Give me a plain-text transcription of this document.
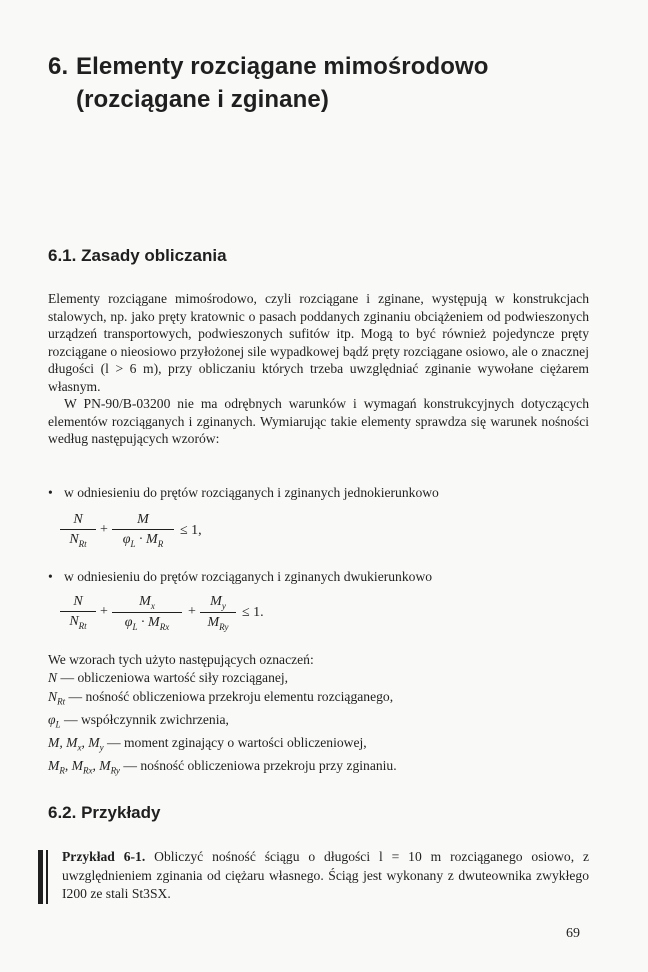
6. Elementy rozciągane mimośrodowo
(rozciągane i zginane)
6.1. Zasady obliczania

Elementy rozciągane mimośrodowo, czyli rozciągane i zginane, występują w konstrukcjach stalowych, np. jako pręty kratownic o pasach poddanych zginaniu obciążeniem od podwieszonych urządzeń transportowych, podwieszonych sufitów itp. Mogą to być również pojedyncze pręty rozciągane o nieosiowo przyłożonej sile wypadkowej bądź pręty rozciągane osiowo, ale o znacznej długości (l > 6 m), przy obliczaniu których trzeba uwzględniać zginanie wywołane ciężarem własnym.

W PN-90/B-03200 nie ma odrębnych warunków i wymagań konstrukcyjnych dotyczących elementów rozciąganych i zginanych. Wymiarując takie elementy sprawdza się warunek nośności według następujących wzorów:

• w odniesieniu do prętów rozciąganych i zginanych jednokierunkowo
N
$N_{Rt}$
+ $\frac{M}{\varphi_L \cdot M_R} \le 1$,
• w odniesieniu do prętów rozciąganych i zginanych dwukierunkowo
N
$N_{Rt}$
+
$M_x$
$\varphi_L \cdot M_{Rx}$
+
$M_y$
$M_{Ry}$
≤ 1.
We wzorach tych użyto następujących oznaczeń:
N — obliczeniowa wartość siły rozciąganej,
$N_{Rt}$ — nośność obliczeniowa przekroju elementu rozciąganego,
$\varphi_L$ — współczynnik zwichrzenia,
M, $M_x$, $M_y$ — moment zginający o wartości obliczeniowej,
$M_R$, $M_{Rx}$, $M_{Ry}$ — nośność obliczeniowa przekroju przy zginaniu.
6.2. Przykłady
Przykład 6-1. Obliczyć nośność ściągu o długości l = 10 m rozciąganego osiowo, z uwzględnieniem zginania od ciężaru własnego. Ściąg jest wykonany z dwuteownika zwykłego I200 ze stali St3SX.
69
